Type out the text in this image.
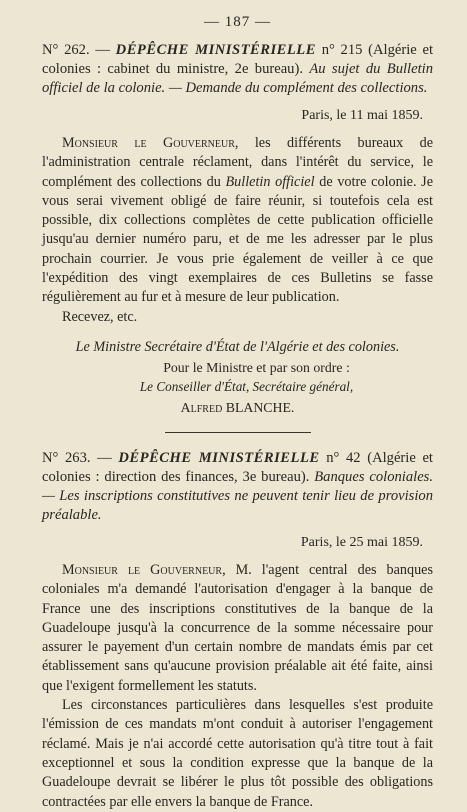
— 187 —

N° 262. — DÉPÊCHE MINISTÉRIELLE n° 215 (Algérie et colonies : cabinet du ministre, 2e bureau). Au sujet du Bulletin officiel de la colonie. — Demande du complément des collections.

Paris, le 11 mai 1859.

Monsieur le Gouverneur, les différents bureaux de l'administration centrale réclament, dans l'intérêt du service, le complément des collections du Bulletin officiel de votre colonie. Je vous serai vivement obligé de faire réunir, si toutefois cela est possible, dix collections complètes de cette publication officielle jusqu'au dernier numéro paru, et de me les adresser par le plus prochain courrier. Je vous prie également de veiller à ce que l'expédition des vingt exemplaires de ces Bulletins se fasse régulièrement au fur et à mesure de leur publication.

Recevez, etc.

Le Ministre Secrétaire d'État de l'Algérie et des colonies.
Pour le Ministre et par son ordre :
Le Conseiller d'État, Secrétaire général,
Alfred BLANCHE.

N° 263. — DÉPÊCHE MINISTÉRIELLE n° 42 (Algérie et colonies : direction des finances, 3e bureau). Banques coloniales. — Les inscriptions constitutives ne peuvent tenir lieu de provision préalable.

Paris, le 25 mai 1859.

Monsieur le Gouverneur, M. l'agent central des banques coloniales m'a demandé l'autorisation d'engager à la banque de France une des inscriptions constitutives de la banque de la Guadeloupe jusqu'à la concurrence de la somme nécessaire pour assurer le payement d'un certain nombre de mandats émis par cet établissement sans qu'aucune provision préalable ait été faite, ainsi que l'exigent formellement les statuts.

Les circonstances particulières dans lesquelles s'est produite l'émission de ces mandats m'ont conduit à autoriser l'engagement réclamé. Mais je n'ai accordé cette autorisation qu'à titre tout à fait exceptionnel et sous la condition expresse que la banque de la Guadeloupe devrait se libérer le plus tôt possible des obligations contractées par elle envers la banque de France.
